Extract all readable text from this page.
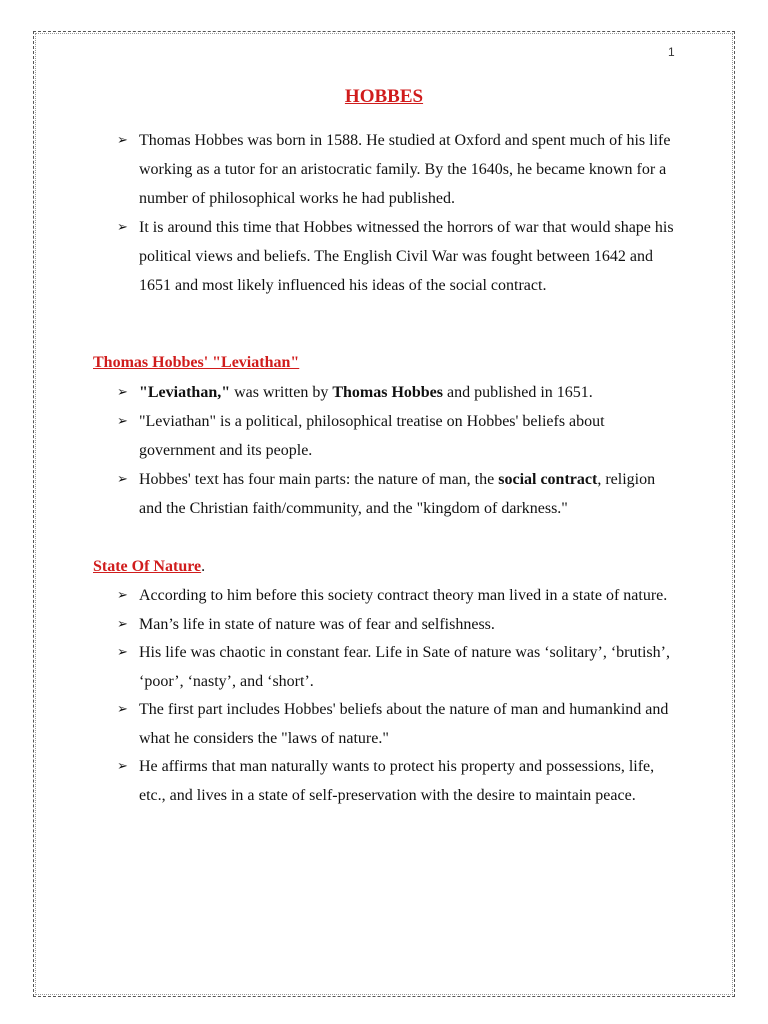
1
HOBBES
➢ Thomas Hobbes was born in 1588. He studied at Oxford and spent much of his life working as a tutor for an aristocratic family. By the 1640s, he became known for a number of philosophical works he had published.
➢ It is around this time that Hobbes witnessed the horrors of war that would shape his political views and beliefs. The English Civil War was fought between 1642 and 1651 and most likely influenced his ideas of the social contract.
Thomas Hobbes' "Leviathan"
➢ "Leviathan," was written by Thomas Hobbes and published in 1651.
➢ "Leviathan" is a political, philosophical treatise on Hobbes' beliefs about government and its people.
➢ Hobbes' text has four main parts: the nature of man, the social contract, religion and the Christian faith/community, and the "kingdom of darkness."
State Of Nature.
➢ According to him before this society contract theory man lived in a state of nature.
➢ Man’s life in state of nature was of fear and selfishness.
➢ His life was chaotic in constant fear. Life in Sate of nature was ‘solitary’, ‘brutish’, ‘poor’, ‘nasty’, and ‘short’.
➢ The first part includes Hobbes' beliefs about the nature of man and humankind and what he considers the "laws of nature."
➢ He affirms that man naturally wants to protect his property and possessions, life, etc., and lives in a state of self-preservation with the desire to maintain peace.
